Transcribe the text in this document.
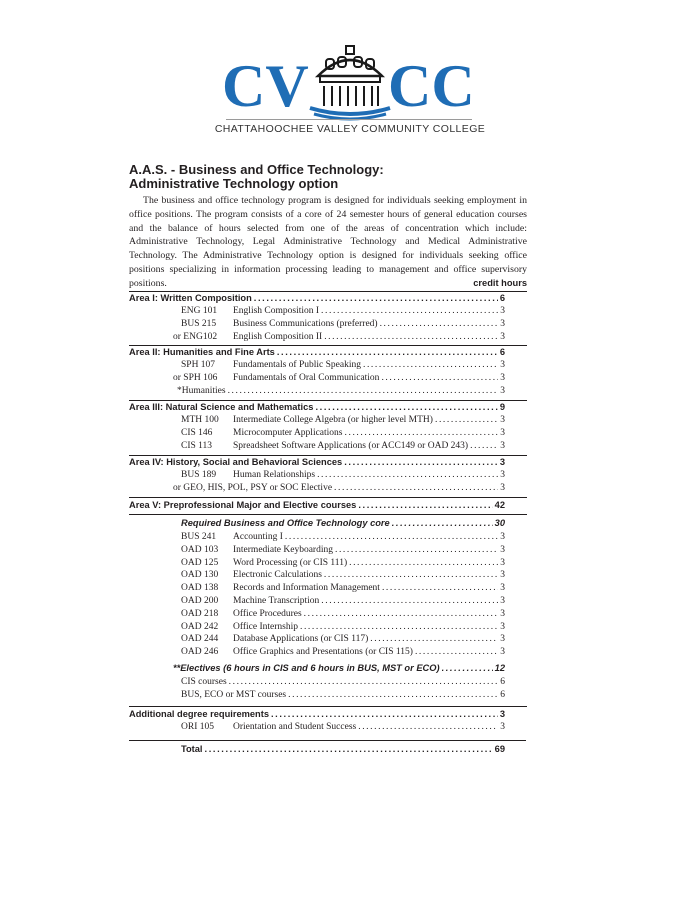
CV CC
CHATTAHOOCHEE VALLEY COMMUNITY COLLEGE
A.A.S. - Business and Office Technology:
Administrative Technology option
The business and office technology program is designed for individuals seeking employment in office positions. The program consists of a core of 24 semester hours of general education courses and the balance of hours selected from one of the areas of concentration which include: Administrative Technology, Legal Administrative Technology and Medical Administrative Technology. The Administrative Technology option is designed for individuals seeking office positions specializing in information processing leading to management and office supervisory positions.	credit hours
Area I: Written Composition .....	6
ENG 101	English Composition I .....	3
BUS 215	Business Communications (preferred) .....	3
or ENG102	English Composition II .....	3
Area II: Humanities and Fine Arts .....	6
SPH 107	Fundamentals of Public Speaking .....	3
or SPH 106	Fundamentals of Oral Communication .....	3
*Humanities .....	3
Area III: Natural Science and Mathematics .....	9
MTH 100	Intermediate College Algebra (or higher level MTH) .....	3
CIS 146	Microcomputer Applications .....	3
CIS 113	Spreadsheet Software Applications (or ACC149 or OAD 243) .....	3
Area IV: History, Social and Behavioral Sciences .....	3
BUS 189	Human Relationships .....	3
or GEO, HIS, POL, PSY or SOC Elective .....	3
Area V: Preprofessional Major and Elective courses .....	42
Required Business and Office Technology core .....	30
BUS 241	Accounting I .....	3
OAD 103	Intermediate Keyboarding .....	3
OAD 125	Word Processing (or CIS 111) .....	3
OAD 130	Electronic Calculations .....	3
OAD 138	Records and Information Management .....	3
OAD 200	Machine Transcription .....	3
OAD 218	Office Procedures .....	3
OAD 242	Office Internship .....	3
OAD 244	Database Applications (or CIS 117) .....	3
OAD 246	Office Graphics and Presentations (or CIS 115) .....	3
**Electives (6 hours in CIS and 6 hours in BUS, MST or ECO) .....	12
CIS courses .....	6
BUS, ECO or MST courses .....	6
Additional degree requirements .....	3
ORI 105	Orientation and Student Success .....	3
Total .....	69
